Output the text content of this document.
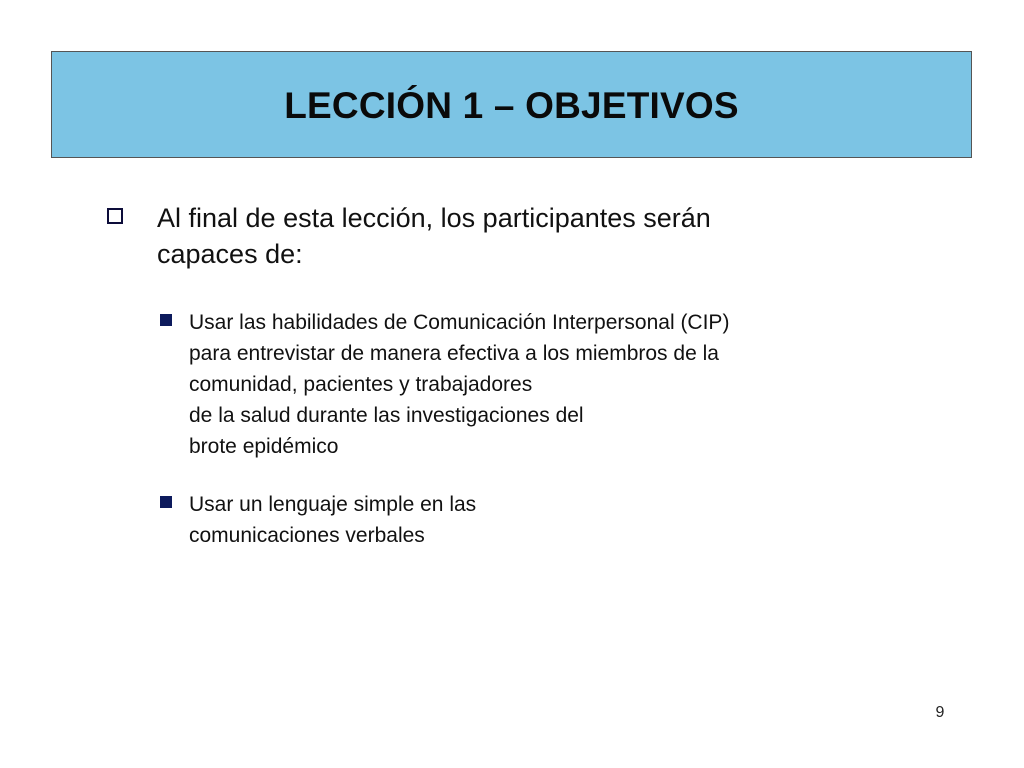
LECCIÓN 1 – OBJETIVOS
Al final de esta lección, los participantes serán
capaces de:
Usar las habilidades de Comunicación Interpersonal (CIP)
para entrevistar de manera efectiva a los miembros de la
comunidad, pacientes y trabajadores
de la salud durante las investigaciones del
brote epidémico
Usar un lenguaje simple en las
comunicaciones verbales
9
